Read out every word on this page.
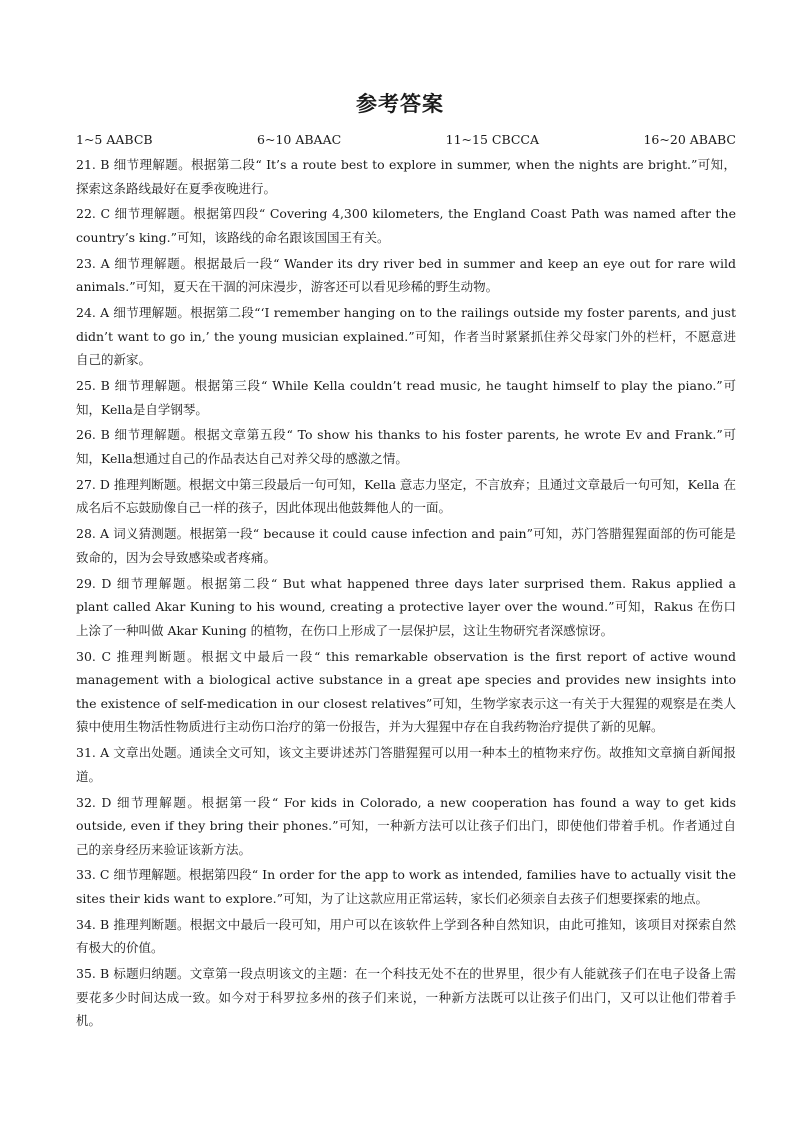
参考答案
1~5 AABCB	6~10 ABAAC	11~15 CBCCA	16~20 ABABC

21. B 细节理解题。根据第二段“ It’s a route best to explore in summer, when the nights are bright.”可知，探索这条路线最好在夏季夜晚进行。

22. C 细节理解题。根据第四段“ Covering 4,300 kilometers, the England Coast Path was named after the country’s king.”可知，该路线的命名跟该国国王有关。

23. A 细节理解题。根据最后一段“ Wander its dry river bed in summer and keep an eye out for rare wild animals.”可知，夏天在干涸的河床漫步，游客还可以看见珍稀的野生动物。

24. A 细节理解题。根据第二段“‘I remember hanging on to the railings outside my foster parents, and just didn’t want to go in,’ the young musician explained.”可知，作者当时紧紧抓住养父母家门外的栏杆，不愿意进自己的新家。

25. B 细节理解题。根据第三段“ While Kella couldn’t read music, he taught himself to play the piano.”可知，Kella是自学钢琴。

26. B 细节理解题。根据文章第五段“ To show his thanks to his foster parents, he wrote Ev and Frank.”可知，Kella想通过自己的作品表达自己对养父母的感激之情。

27. D 推理判断题。根据文中第三段最后一句可知，Kella 意志力坚定，不言放弃；且通过文章最后一句可知，Kella 在成名后不忘鼓励像自己一样的孩子，因此体现出他鼓舞他人的一面。

28. A 词义猜测题。根据第一段“ because it could cause infection and pain”可知，苏门答腊猩猩面部的伤可能是致命的，因为会导致感染或者疼痛。

29. D 细节理解题。根据第二段“ But what happened three days later surprised them. Rakus applied a plant called Akar Kuning to his wound, creating a protective layer over the wound.”可知，Rakus 在伤口上涂了一种叫做 Akar Kuning 的植物，在伤口上形成了一层保护层，这让生物研究者深感惊讶。

30. C 推理判断题。根据文中最后一段“ this remarkable observation is the first report of active wound management with a biological active substance in a great ape species and provides new insights into the existence of self-medication in our closest relatives”可知，生物学家表示这一有关于大猩猩的观察是在类人猿中使用生物活性物质进行主动伤口治疗的第一份报告，并为大猩猩中存在自我药物治疗提供了新的见解。

31. A 文章出处题。通读全文可知，该文主要讲述苏门答腊猩猩可以用一种本土的植物来疗伤。故推知文章摘自新闻报道。

32. D 细节理解题。根据第一段“ For kids in Colorado, a new cooperation has found a way to get kids outside, even if they bring their phones.”可知，一种新方法可以让孩子们出门，即使他们带着手机。作者通过自己的亲身经历来验证该新方法。

33. C 细节理解题。根据第四段“ In order for the app to work as intended, families have to actually visit the sites their kids want to explore.”可知，为了让这款应用正常运转，家长们必须亲自去孩子们想要探索的地点。

34. B 推理判断题。根据文中最后一段可知，用户可以在该软件上学到各种自然知识，由此可推知，该项目对探索自然有极大的价值。

35. B 标题归纳题。文章第一段点明该文的主题：在一个科技无处不在的世界里，很少有人能就孩子们在电子设备上需要花多少时间达成一致。如今对于科罗拉多州的孩子们来说，一种新方法既可以让孩子们出门，又可以让他们带着手机。
